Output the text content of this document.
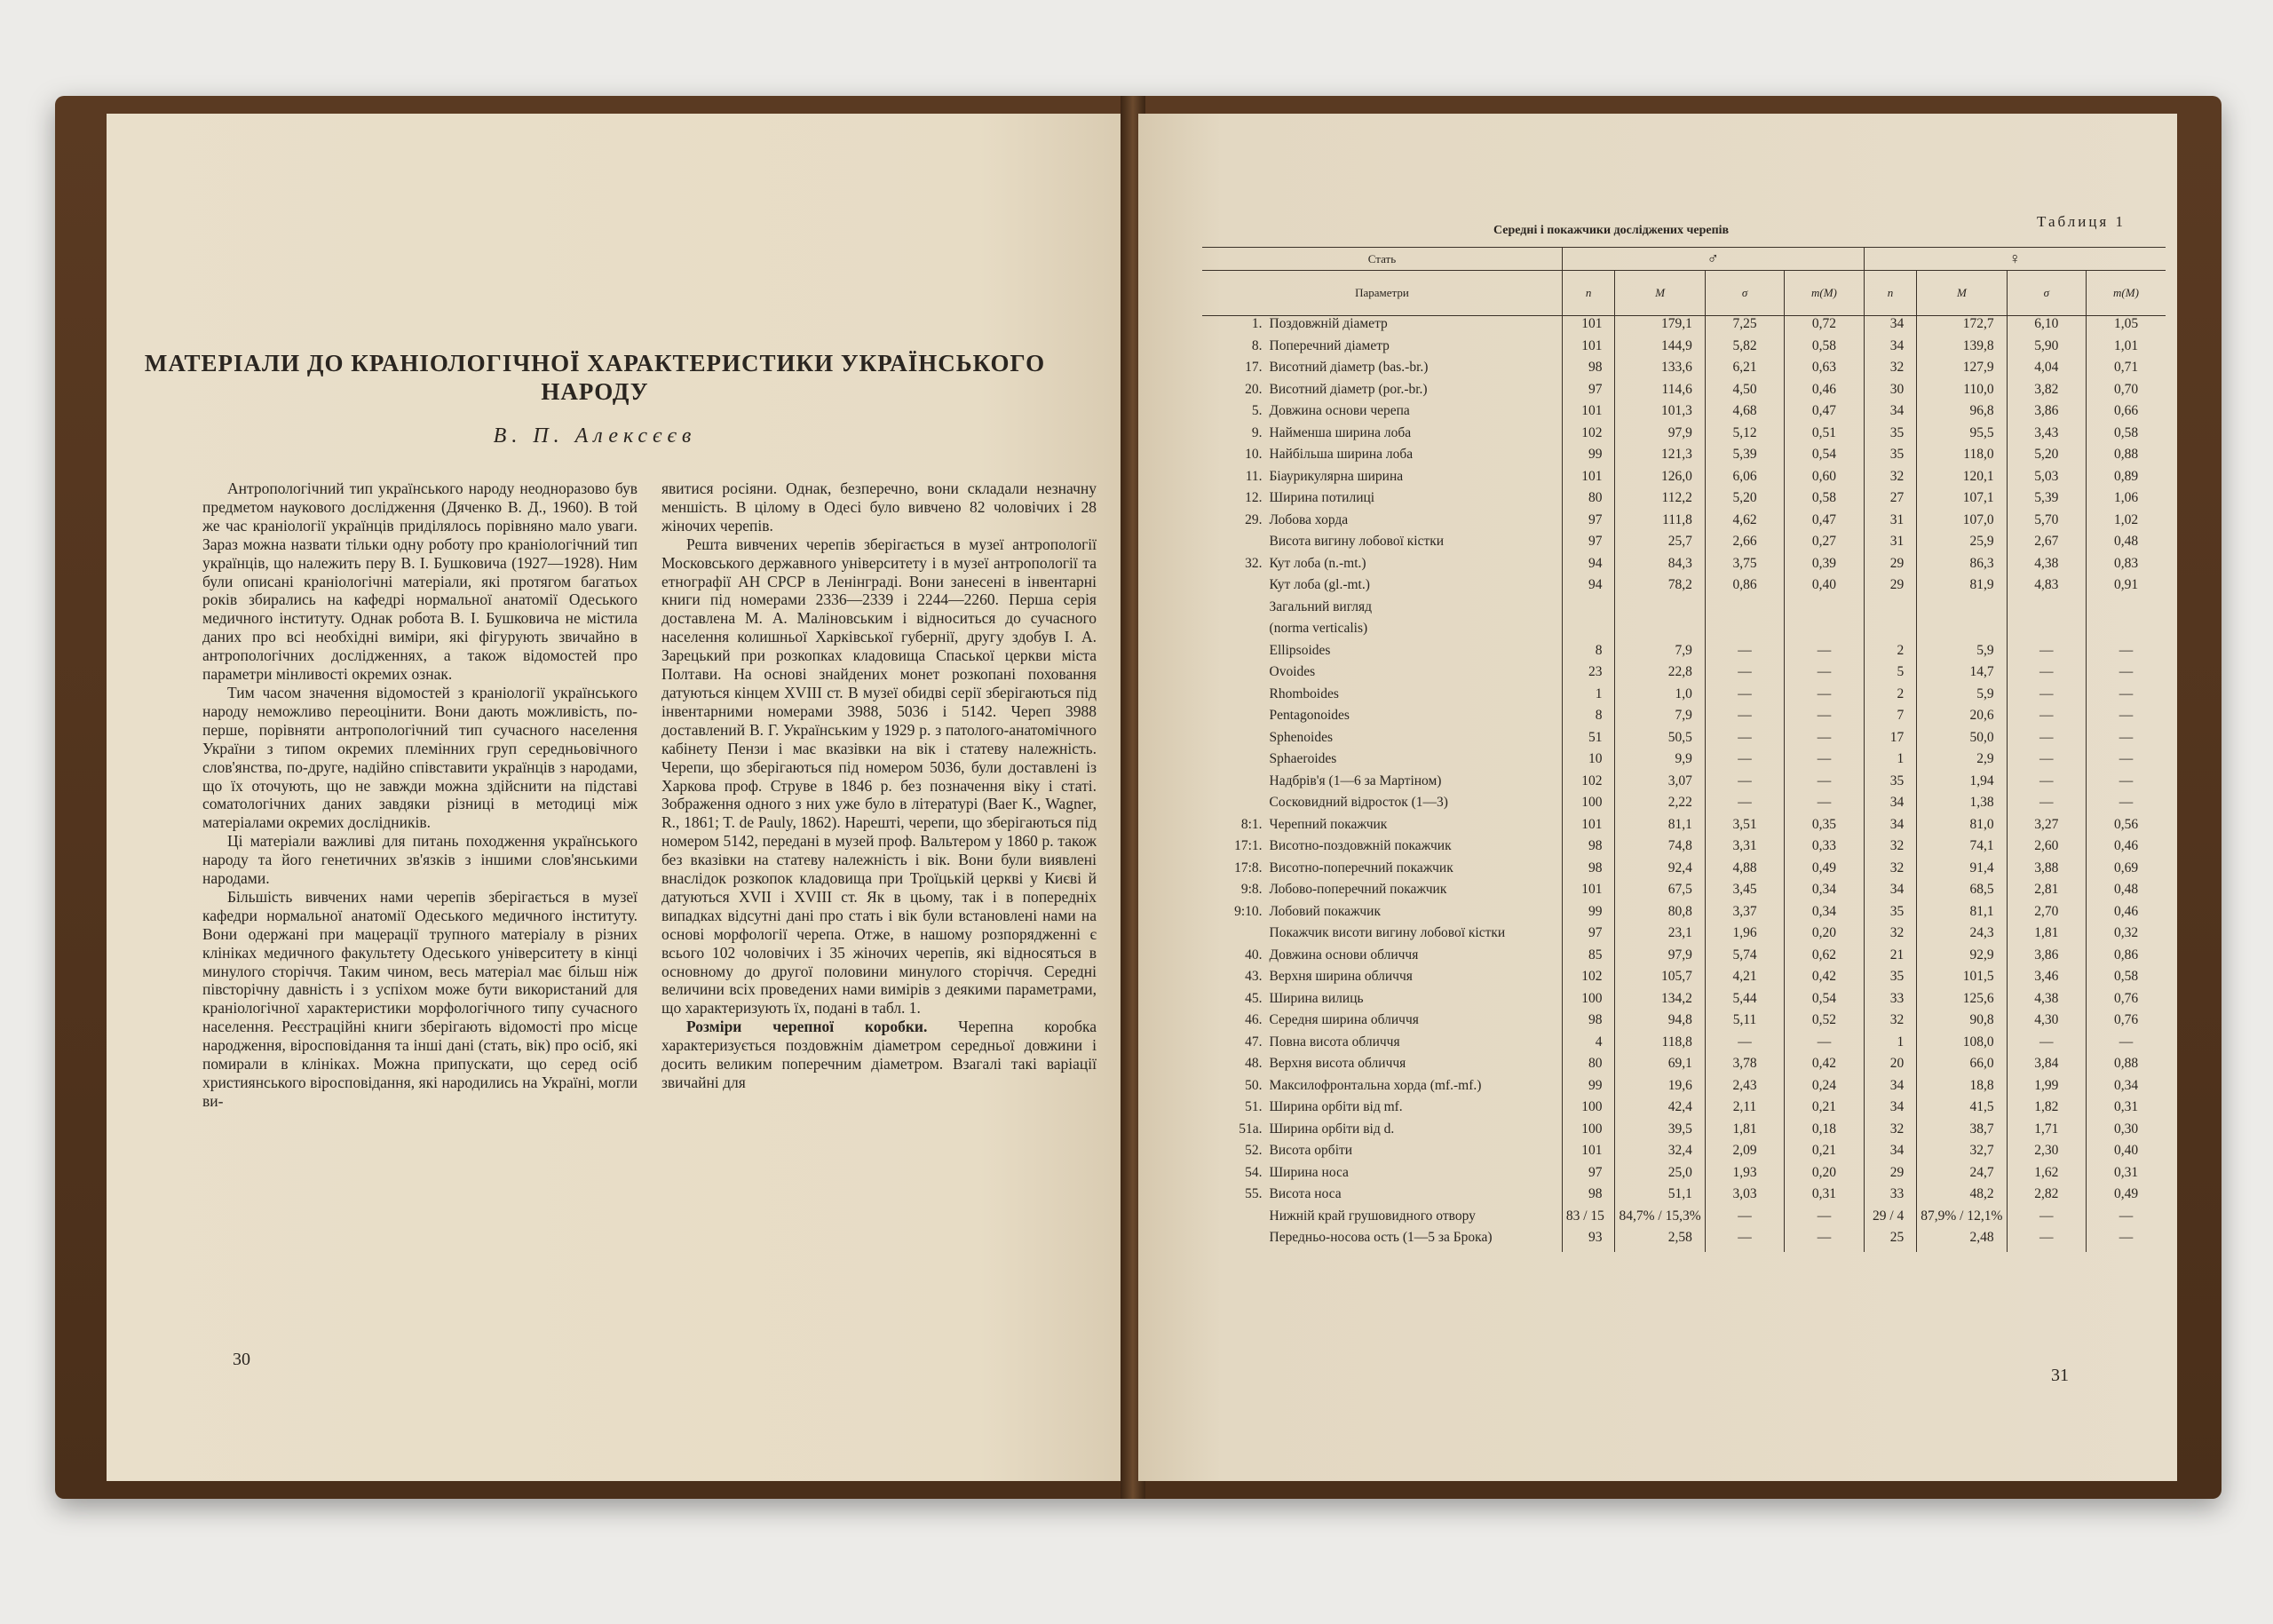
МАТЕРІАЛИ ДО КРАНІОЛОГІЧНОЇ ХАРАКТЕРИСТИКИ УКРАЇНСЬКОГО НАРОДУ
В. П. Алексєєв

Антропологічний тип українського народу неодноразово був предметом наукового дослідження (Дяченко В. Д., 1960). В той же час краніології українців приділялось порівняно мало уваги. Зараз можна назвати тільки одну роботу про краніологічний тип українців, що належить перу В. І. Бушковича (1927—1928). Ним були описані краніологічні матеріали, які протягом багатьох років збирались на кафедрі нормальної анатомії Одеського медичного інституту. Однак робота В. І. Бушковича не містила даних про всі необхідні виміри, які фігурують звичайно в антропологічних дослідженнях, а також відомостей про параметри мінливості окремих ознак.

Тим часом значення відомостей з краніології українського народу неможливо переоцінити. Вони дають можливість, по-перше, порівняти антропологічний тип сучасного населення України з типом окремих племінних груп середньовічного слов'янства, по-друге, надійно співставити українців з народами, що їх оточують, що не завжди можна здійснити на підставі соматологічних даних завдяки різниці в методиці між матеріалами окремих дослідників.

Ці матеріали важливі для питань походження українського народу та його генетичних зв'язків з іншими слов'янськими народами.

Більшість вивчених нами черепів зберігається в музеї кафедри нормальної анатомії Одеського медичного інституту. Вони одержані при мацерації трупного матеріалу в різних клініках медичного факультету Одеського університету в кінці минулого сторіччя. Таким чином, весь матеріал має більш ніж півсторічну давність і з успіхом може бути використаний для краніологічної характеристики морфологічного типу сучасного населення. Реєстраційні книги зберігають відомості про місце народження, віросповідання та інші дані (стать, вік) про осіб, які помирали в клініках. Можна припускати, що серед осіб християнського віросповідання, які народились на Україні, могли ви-

явитися росіяни. Однак, безперечно, вони складали незначну меншість. В цілому в Одесі було вивчено 82 чоловічих і 28 жіночих черепів.

Решта вивчених черепів зберігається в музеї антропології Московського державного університету і в музеї антропології та етнографії АН СРСР в Ленінграді. Вони занесені в інвентарні книги під номерами 2336—2339 і 2244—2260. Перша серія доставлена М. А. Маліновським і відноситься до сучасного населення колишньої Харківської губернії, другу здобув І. А. Зарецький при розкопках кладовища Спаської церкви міста Полтави. На основі знайдених монет розкопані поховання датуються кінцем XVIII ст. В музеї обидві серії зберігаються під інвентарними номерами 3988, 5036 і 5142. Череп 3988 доставлений В. Г. Українським у 1929 р. з патолого-анатомічного кабінету Пензи і має вказівки на вік і статеву належність. Черепи, що зберігаються під номером 5036, були доставлені із Харкова проф. Струве в 1846 р. без позначення віку і статі. Зображення одного з них уже було в літературі (Baer K., Wagner, R., 1861; T. de Pauly, 1862). Нарешті, черепи, що зберігаються під номером 5142, передані в музей проф. Вальтером у 1860 р. також без вказівки на статеву належність і вік. Вони були виявлені внаслідок розкопок кладовища при Троїцькій церкві у Києві й датуються XVII і XVIII ст. Як в цьому, так і в попередніх випадках відсутні дані про стать і вік були встановлені нами на основі морфології черепа. Отже, в нашому розпорядженні є всього 102 чоловічих і 35 жіночих черепів, які відносяться в основному до другої половини минулого сторіччя. Середні величини всіх проведених нами вимірів з деякими параметрами, що характеризують їх, подані в табл. 1.

Розміри черепної коробки. Черепна коробка характеризується поздовжнім діаметром середньої довжини і досить великим поперечним діаметром. Взагалі такі варіації звичайні для

30
Таблиця 1
Середні і покажчики досліджених черепів
Стать		♂				♀			
Параметри		n	M	σ	m(M)	n	M	σ	m(M)
1.	Поздовжній діаметр	101	179,1	7,25	0,72	34	172,7	6,10	1,05
8.	Поперечний діаметр	101	144,9	5,82	0,58	34	139,8	5,90	1,01
17.	Висотний діаметр (bas.-br.)	98	133,6	6,21	0,63	32	127,9	4,04	0,71
20.	Висотний діаметр (por.-br.)	97	114,6	4,50	0,46	30	110,0	3,82	0,70
5.	Довжина основи черепа	101	101,3	4,68	0,47	34	96,8	3,86	0,66
9.	Найменша ширина лоба	102	97,9	5,12	0,51	35	95,5	3,43	0,58
10.	Найбільша ширина лоба	99	121,3	5,39	0,54	35	118,0	5,20	0,88
11.	Біаурикулярна ширина	101	126,0	6,06	0,60	32	120,1	5,03	0,89
12.	Ширина потилиці	80	112,2	5,20	0,58	27	107,1	5,39	1,06
29.	Лобова хорда	97	111,8	4,62	0,47	31	107,0	5,70	1,02
	Висота вигину лобової кістки	97	25,7	2,66	0,27	31	25,9	2,67	0,48
32.	Кут лоба (n.-mt.)	94	84,3	3,75	0,39	29	86,3	4,38	0,83
	Кут лоба (gl.-mt.)	94	78,2	0,86	0,40	29	81,9	4,83	0,91
	Загальний вигляд								
	(norma verticalis)								
	Ellipsoides	8	7,9	—	—	2	5,9	—	—
	Ovoides	23	22,8	—	—	5	14,7	—	—
	Rhomboides	1	1,0	—	—	2	5,9	—	—
	Pentagonoides	8	7,9	—	—	7	20,6	—	—
	Sphenoides	51	50,5	—	—	17	50,0	—	—
	Sphaeroides	10	9,9	—	—	1	2,9	—	—
	Надбрів'я (1—6 за Мартіном)	102	3,07	—	—	35	1,94	—	—
	Сосковидний відросток (1—3)	100	2,22	—	—	34	1,38	—	—
8:1.	Черепний покажчик	101	81,1	3,51	0,35	34	81,0	3,27	0,56
17:1.	Висотно-поздовжній покажчик	98	74,8	3,31	0,33	32	74,1	2,60	0,46
17:8.	Висотно-поперечний покажчик	98	92,4	4,88	0,49	32	91,4	3,88	0,69
9:8.	Лобово-поперечний покажчик	101	67,5	3,45	0,34	34	68,5	2,81	0,48
9:10.	Лобовий покажчик	99	80,8	3,37	0,34	35	81,1	2,70	0,46
	Покажчик висоти вигину лобової кістки	97	23,1	1,96	0,20	32	24,3	1,81	0,32
40.	Довжина основи обличчя	85	97,9	5,74	0,62	21	92,9	3,86	0,86
43.	Верхня ширина обличчя	102	105,7	4,21	0,42	35	101,5	3,46	0,58
45.	Ширина вилиць	100	134,2	5,44	0,54	33	125,6	4,38	0,76
46.	Середня ширина обличчя	98	94,8	5,11	0,52	32	90,8	4,30	0,76
47.	Повна висота обличчя	4	118,8	—	—	1	108,0	—	—
48.	Верхня висота обличчя	80	69,1	3,78	0,42	20	66,0	3,84	0,88
50.	Максилофронтальна хорда (mf.-mf.)	99	19,6	2,43	0,24	34	18,8	1,99	0,34
51.	Ширина орбіти від mf.	100	42,4	2,11	0,21	34	41,5	1,82	0,31
51a.	Ширина орбіти від d.	100	39,5	1,81	0,18	32	38,7	1,71	0,30
52.	Висота орбіти	101	32,4	2,09	0,21	34	32,7	2,30	0,40
54.	Ширина носа	97	25,0	1,93	0,20	29	24,7	1,62	0,31
55.	Висота носа	98	51,1	3,03	0,31	33	48,2	2,82	0,49
	Нижній край грушовидного отвору	83 / 15	84,7% / 15,3%	—	—	29 / 4	87,9% / 12,1%	—	—
	Передньо-носова ость (1—5 за Брока)	93	2,58	—	—	25	2,48	—	—
31
